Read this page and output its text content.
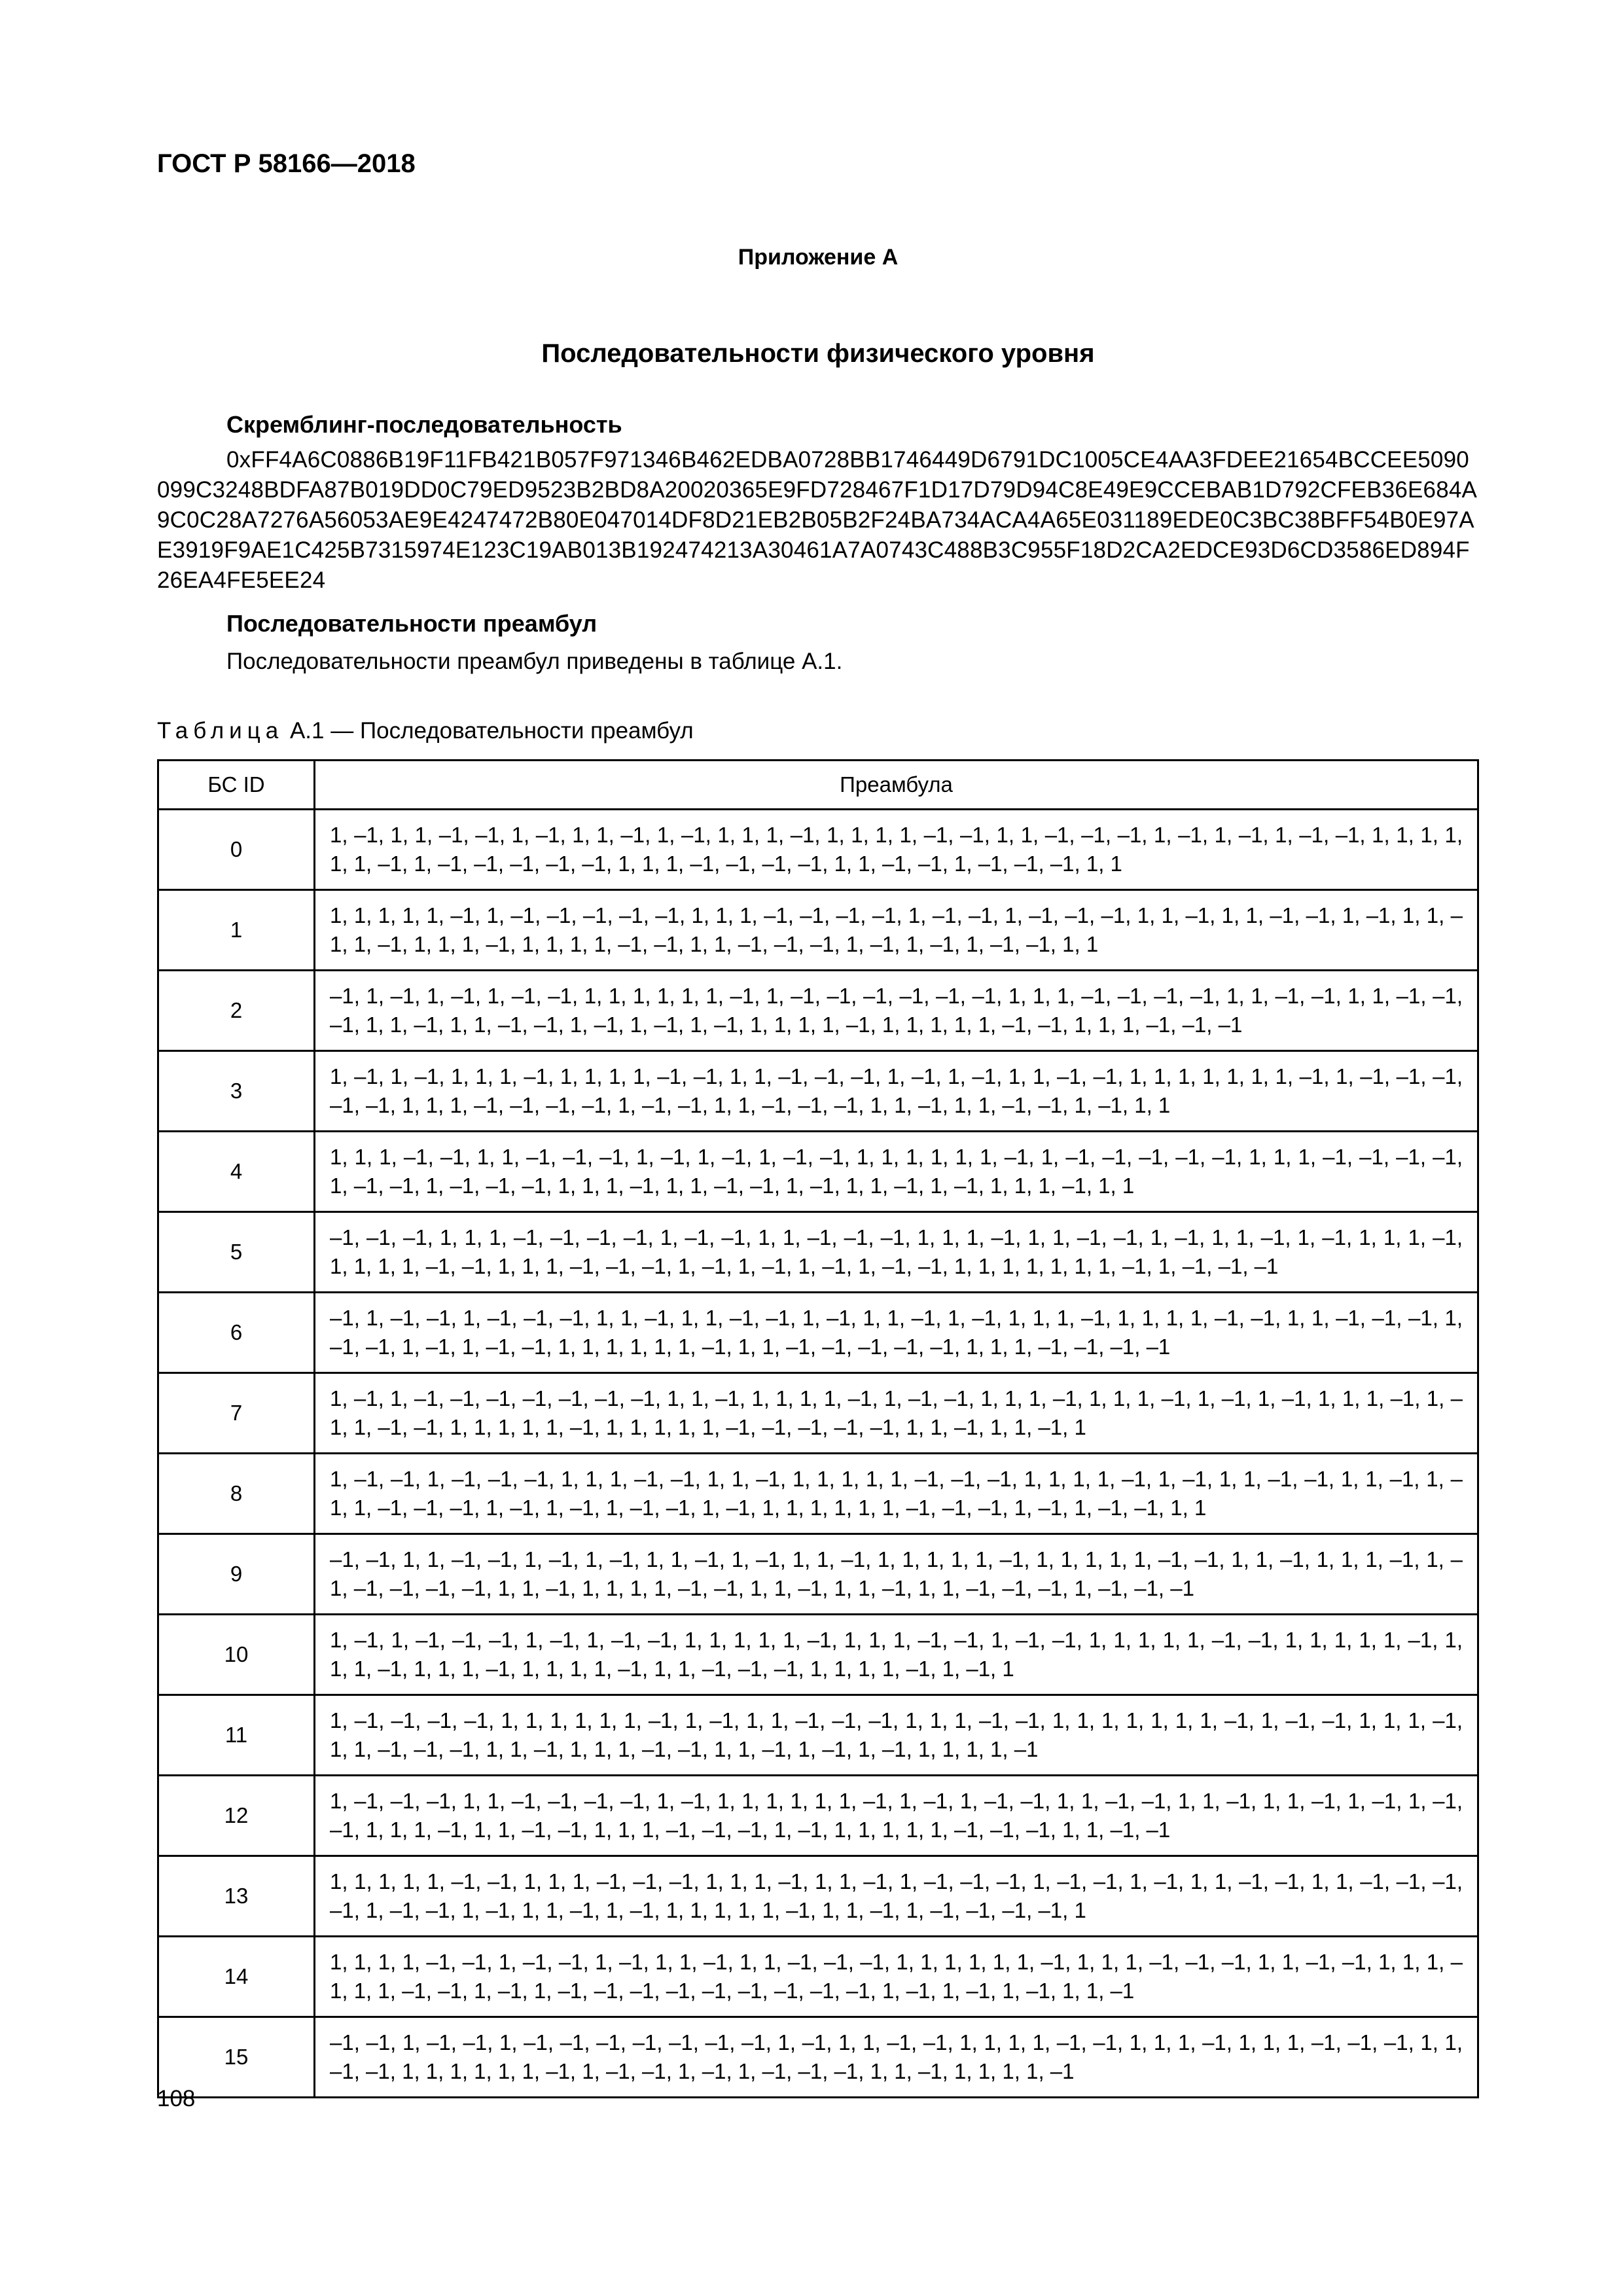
ГОСТ Р 58166—2018
Приложение А
Последовательности физического уровня
Скремблинг-последовательность
0xFF4A6C0886B19F11FB421B057F971346B462EDBA0728BB1746449D6791DC1005CE4AA3FDEE21654BCCEE5090099C3248BDFA87B019DD0C79ED9523B2BD8A20020365E9FD728467F1D17D79D94C8E49E9CCEBAB1D792CFEB36E684A9C0C28A7276A56053AE9E4247472B80E047014DF8D21EB2B05B2F24BA734ACA4A65E031189EDE0C3BC38BFF54B0E97AE3919F9AE1C425B7315974E123C19AB013B192474213A30461A7A0743C488B3C955F18D2CA2EDCE93D6CD3586ED894F26EA4FE5EE24
Последовательности преамбул
Последовательности преамбул приведены в таблице А.1.
Таблица А.1 — Последовательности преамбул
БС ID	Преамбула
0	1, –1, 1, 1, –1, –1, 1, –1, 1, 1, –1, 1, –1, 1, 1, 1, –1, 1, 1, 1, 1, –1, –1, 1, 1, –1, –1, –1, 1, –1, 1, –1, 1, –1, –1, 1, 1, 1, 1, 1, 1, –1, 1, –1, –1, –1, –1, –1, 1, 1, 1, –1, –1, –1, –1, 1, 1, –1, –1, 1, –1, –1, –1, 1, 1
1	1, 1, 1, 1, 1, –1, 1, –1, –1, –1, –1, –1, 1, 1, 1, –1, –1, –1, –1, 1, –1, –1, 1, –1, –1, –1, 1, 1, –1, 1, 1, –1, –1, 1, –1, 1, 1, –1, 1, –1, 1, 1, 1, –1, 1, 1, 1, 1, –1, –1, 1, 1, –1, –1, –1, 1, –1, 1, –1, 1, –1, –1, 1, 1
2	–1, 1, –1, 1, –1, 1, –1, –1, 1, 1, 1, 1, 1, 1, –1, 1, –1, –1, –1, –1, –1, –1, 1, 1, 1, –1, –1, –1, –1, 1, 1, –1, –1, 1, 1, –1, –1, –1, 1, 1, –1, 1, 1, –1, –1, 1, –1, 1, –1, 1, –1, 1, 1, 1, 1, –1, 1, 1, 1, 1, 1, –1, –1, 1, 1, 1, –1, –1, –1
3	1, –1, 1, –1, 1, 1, 1, –1, 1, 1, 1, 1, –1, –1, 1, 1, –1, –1, –1, 1, –1, 1, –1, 1, 1, –1, –1, 1, 1, 1, 1, 1, 1, 1, –1, 1, –1, –1, –1, –1, –1, 1, 1, 1, –1, –1, –1, –1, 1, –1, –1, 1, 1, –1, –1, –1, 1, 1, –1, 1, 1, –1, –1, 1, –1, 1, 1
4	1, 1, 1, –1, –1, 1, 1, –1, –1, –1, 1, –1, 1, –1, 1, –1, –1, 1, 1, 1, 1, 1, 1, –1, 1, –1, –1, –1, –1, –1, 1, 1, 1, –1, –1, –1, –1, 1, –1, –1, 1, –1, –1, –1, 1, 1, 1, –1, 1, 1, –1, –1, 1, –1, 1, 1, –1, 1, –1, 1, 1, 1, –1, 1, 1
5	–1, –1, –1, 1, 1, 1, –1, –1, –1, –1, 1, –1, –1, 1, 1, –1, –1, –1, 1, 1, 1, –1, 1, 1, –1, –1, 1, –1, 1, 1, –1, 1, –1, 1, 1, 1, –1, 1, 1, 1, 1, –1, –1, 1, 1, 1, –1, –1, –1, 1, –1, 1, –1, 1, –1, 1, –1, –1, 1, 1, 1, 1, 1, 1, 1, –1, 1, –1, –1, –1
6	–1, 1, –1, –1, 1, –1, –1, –1, 1, 1, –1, 1, 1, –1, –1, 1, –1, 1, 1, –1, 1, –1, 1, 1, 1, –1, 1, 1, 1, 1, –1, –1, 1, 1, –1, –1, –1, 1, –1, –1, 1, –1, 1, –1, –1, 1, 1, 1, 1, 1, 1, –1, 1, 1, –1, –1, –1, –1, –1, 1, 1, 1, –1, –1, –1, –1
7	1, –1, 1, –1, –1, –1, –1, –1, –1, –1, 1, 1, –1, 1, 1, 1, 1, –1, 1, –1, –1, 1, 1, 1, –1, 1, 1, 1, –1, 1, –1, 1, –1, 1, 1, 1, –1, 1, –1, 1, –1, –1, 1, 1, 1, 1, 1, –1, 1, 1, 1, 1, 1, –1, –1, –1, –1, –1, 1, 1, –1, 1, 1, –1, 1
8	1, –1, –1, 1, –1, –1, –1, 1, 1, 1, –1, –1, 1, 1, –1, 1, 1, 1, 1, 1, –1, –1, –1, 1, 1, 1, 1, –1, 1, –1, 1, 1, –1, –1, 1, 1, –1, 1, –1, 1, –1, –1, –1, 1, –1, 1, –1, 1, –1, –1, 1, –1, 1, 1, 1, 1, 1, 1, –1, –1, –1, 1, –1, 1, –1, –1, 1, 1
9	–1, –1, 1, 1, –1, –1, 1, –1, 1, –1, 1, 1, –1, 1, –1, 1, 1, –1, 1, 1, 1, 1, 1, –1, 1, 1, 1, 1, 1, –1, –1, 1, 1, –1, 1, 1, 1, –1, 1, –1, –1, –1, –1, –1, 1, 1, –1, 1, 1, 1, 1, –1, –1, 1, 1, –1, 1, 1, –1, 1, 1, –1, –1, –1, 1, –1, –1, –1
10	1, –1, 1, –1, –1, –1, 1, –1, 1, –1, –1, 1, 1, 1, 1, 1, –1, 1, 1, 1, –1, –1, 1, –1, –1, 1, 1, 1, 1, 1, –1, –1, 1, 1, 1, 1, 1, –1, 1, 1, 1, –1, 1, 1, 1, –1, 1, 1, 1, 1, –1, 1, 1, –1, –1, –1, 1, 1, 1, 1, –1, 1, –1, 1
11	1, –1, –1, –1, –1, 1, 1, 1, 1, 1, 1, –1, 1, –1, 1, 1, –1, –1, –1, 1, 1, 1, –1, –1, 1, 1, 1, 1, 1, 1, 1, –1, 1, –1, –1, 1, 1, 1, –1, 1, 1, –1, –1, –1, 1, 1, –1, 1, 1, 1, –1, –1, 1, 1, –1, 1, –1, 1, –1, 1, 1, 1, 1, –1
12	1, –1, –1, –1, 1, 1, –1, –1, –1, –1, 1, –1, 1, 1, 1, 1, 1, 1, –1, 1, –1, 1, –1, –1, 1, 1, –1, –1, 1, 1, –1, 1, 1, –1, 1, –1, 1, –1, –1, 1, 1, 1, –1, 1, 1, –1, –1, 1, 1, 1, –1, –1, –1, 1, –1, 1, 1, 1, 1, 1, –1, –1, –1, 1, 1, –1, –1
13	1, 1, 1, 1, 1, –1, –1, 1, 1, 1, –1, –1, –1, 1, 1, 1, –1, 1, 1, –1, 1, –1, –1, –1, 1, –1, –1, 1, –1, 1, 1, –1, –1, 1, 1, –1, –1, –1, –1, 1, –1, –1, 1, –1, 1, 1, –1, 1, –1, 1, 1, 1, 1, 1, –1, 1, 1, –1, 1, –1, –1, –1, –1, 1
14	1, 1, 1, 1, –1, –1, 1, –1, –1, 1, –1, 1, 1, –1, 1, 1, –1, –1, –1, 1, 1, 1, 1, 1, 1, –1, 1, 1, 1, –1, –1, –1, 1, 1, –1, –1, 1, 1, 1, –1, 1, 1, –1, –1, 1, –1, 1, –1, –1, –1, –1, –1, –1, –1, –1, –1, 1, –1, 1, –1, 1, –1, 1, 1, –1
15	–1, –1, 1, –1, –1, 1, –1, –1, –1, –1, –1, –1, –1, 1, –1, 1, 1, –1, –1, 1, 1, 1, 1, –1, –1, 1, 1, 1, –1, 1, 1, 1, –1, –1, –1, 1, 1, –1, –1, 1, 1, 1, 1, 1, 1, –1, 1, –1, –1, 1, –1, 1, –1, –1, –1, 1, 1, –1, 1, 1, 1, 1, –1
108
